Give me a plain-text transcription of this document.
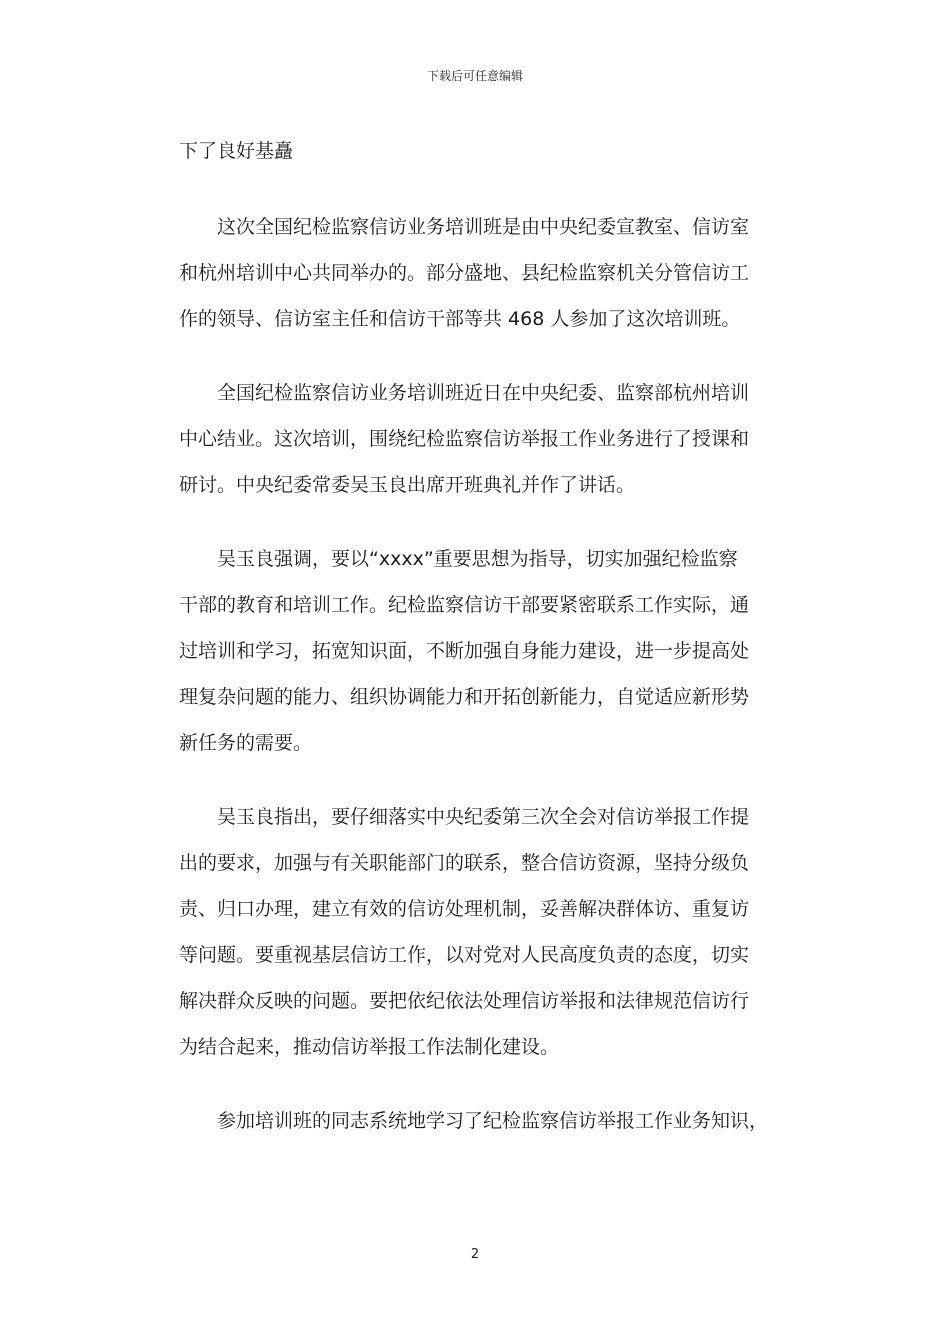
下载后可任意编辑

下了良好基矗

这次全国纪检监察信访业务培训班是由中央纪委宣教室、信访室

和杭州培训中心共同举办的。部分盛地、县纪检监察机关分管信访工

作的领导、信访室主任和信访干部等共 468 人参加了这次培训班。

全国纪检监察信访业务培训班近日在中央纪委、监察部杭州培训

中心结业。这次培训，围绕纪检监察信访举报工作业务进行了授课和

研讨。中央纪委常委吴玉良出席开班典礼并作了讲话。

吴玉良强调，要以“xxxx”重要思想为指导，切实加强纪检监察

干部的教育和培训工作。纪检监察信访干部要紧密联系工作实际，通

过培训和学习，拓宽知识面，不断加强自身能力建设，进一步提高处

理复杂问题的能力、组织协调能力和开拓创新能力，自觉适应新形势

新任务的需要。

吴玉良指出，要仔细落实中央纪委第三次全会对信访举报工作提

出的要求，加强与有关职能部门的联系，整合信访资源，坚持分级负

责、归口办理，建立有效的信访处理机制，妥善解决群体访、重复访

等问题。要重视基层信访工作，以对党对人民高度负责的态度，切实

解决群众反映的问题。要把依纪依法处理信访举报和法律规范信访行

为结合起来，推动信访举报工作法制化建设。

参加培训班的同志系统地学习了纪检监察信访举报工作业务知识，

2
